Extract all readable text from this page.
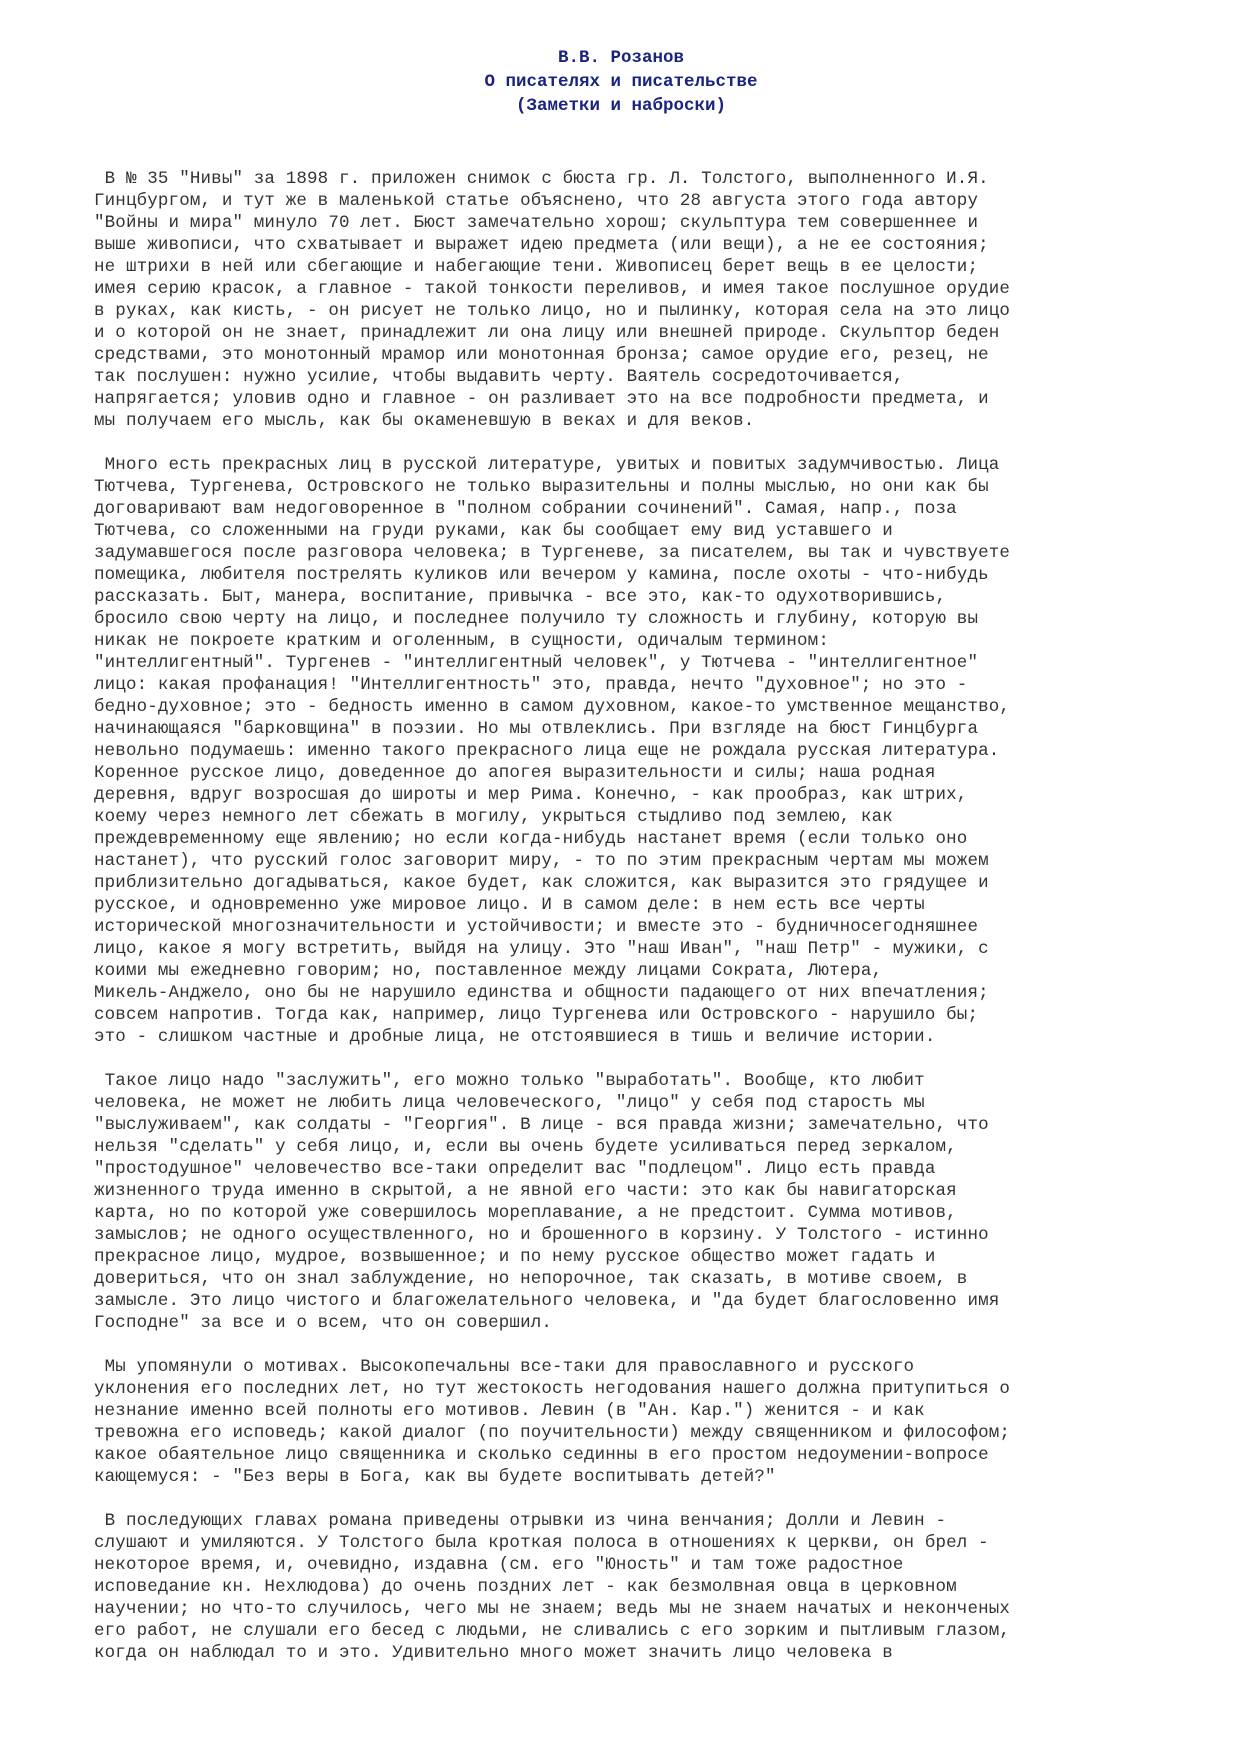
В.В. Розанов
О писателях и писательстве
(Заметки и наброски)

В № 35 "Нивы" за 1898 г. приложен снимок с бюста гр. Л. Толстого, выполненного И.Я.
Гинцбургом, и тут же в маленькой статье объяснено, что 28 августа этого года автору
"Войны и мира" минуло 70 лет. Бюст замечательно хорош; скульптура тем совершеннее и
выше живописи, что схватывает и выражет идею предмета (или вещи), а не ее состояния;
не штрихи в ней или сбегающие и набегающие тени. Живописец берет вещь в ее целости;
имея серию красок, а главное - такой тонкости переливов, и имея такое послушное орудие
в руках, как кисть, - он рисует не только лицо, но и пылинку, которая села на это лицо
и о которой он не знает, принадлежит ли она лицу или внешней природе. Скульптор беден
средствами, это монотонный мрамор или монотонная бронза; самое орудие его, резец, не
так послушен: нужно усилие, чтобы выдавить черту. Ваятель сосредоточивается,
напрягается; уловив одно и главное - он разливает это на все подробности предмета, и
мы получаем его мысль, как бы окаменевшую в веках и для веков.

Много есть прекрасных лиц в русской литературе, увитых и повитых задумчивостью. Лица
Тютчева, Тургенева, Островского не только выразительны и полны мыслью, но они как бы
договаривают вам недоговоренное в "полном собрании сочинений". Самая, напр., поза
Тютчева, со сложенными на груди руками, как бы сообщает ему вид уставшего и
задумавшегося после разговора человека; в Тургеневе, за писателем, вы так и чувствуете
помещика, любителя пострелять куликов или вечером у камина, после охоты - что-нибудь
рассказать. Быт, манера, воспитание, привычка - все это, как-то одухотворившись,
бросило свою черту на лицо, и последнее получило ту сложность и глубину, которую вы
никак не покроете кратким и оголенным, в сущности, одичалым термином:
"интеллигентный". Тургенев - "интеллигентный человек", у Тютчева - "интеллигентное"
лицо: какая профанация! "Интеллигентность" это, правда, нечто "духовное"; но это -
бедно-духовное; это - бедность именно в самом духовном, какое-то умственное мещанство,
начинающаяся "барковщина" в поэзии. Но мы отвлеклись. При взгляде на бюст Гинцбурга
невольно подумаешь: именно такого прекрасного лица еще не рождала русская литература.
Коренное русское лицо, доведенное до апогея выразительности и силы; наша родная
деревня, вдруг возросшая до широты и мер Рима. Конечно, - как прообраз, как штрих,
коему через немного лет сбежать в могилу, укрыться стыдливо под землею, как
преждевременному еще явлению; но если когда-нибудь настанет время (если только оно
настанет), что русский голос заговорит миру, - то по этим прекрасным чертам мы можем
приблизительно догадываться, какое будет, как сложится, как выразится это грядущее и
русское, и одновременно уже мировое лицо. И в самом деле: в нем есть все черты
исторической многозначительности и устойчивости; и вместе это - будничносегодняшнее
лицо, какое я могу встретить, выйдя на улицу. Это "наш Иван", "наш Петр" - мужики, с
коими мы ежедневно говорим; но, поставленное между лицами Сократа, Лютера,
Микель-Анджело, оно бы не нарушило единства и общности падающего от них впечатления;
совсем напротив. Тогда как, например, лицо Тургенева или Островского - нарушило бы;
это - слишком частные и дробные лица, не отстоявшиеся в тишь и величие истории.

Такое лицо надо "заслужить", его можно только "выработать". Вообще, кто любит
человека, не может не любить лица человеческого, "лицо" у себя под старость мы
"выслуживаем", как солдаты - "Георгия". В лице - вся правда жизни; замечательно, что
нельзя "сделать" у себя лицо, и, если вы очень будете усиливаться перед зеркалом,
"простодушное" человечество все-таки определит вас "подлецом". Лицо есть правда
жизненного труда именно в скрытой, а не явной его части: это как бы навигаторская
карта, но по которой уже совершилось мореплавание, а не предстоит. Сумма мотивов,
замыслов; не одного осуществленного, но и брошенного в корзину. У Толстого - истинно
прекрасное лицо, мудрое, возвышенное; и по нему русское общество может гадать и
довериться, что он знал заблуждение, но непорочное, так сказать, в мотиве своем, в
замысле. Это лицо чистого и благожелательного человека, и "да будет благословенно имя
Господне" за все и о всем, что он совершил.

Мы упомянули о мотивах. Высокопечальны все-таки для православного и русского
уклонения его последних лет, но тут жестокость негодования нашего должна притупиться о
незнание именно всей полноты его мотивов. Левин (в "Ан. Кар.") женится - и как
тревожна его исповедь; какой диалог (по поучительности) между священником и философом;
какое обаятельное лицо священника и сколько сединны в его простом недоумении-вопросе
кающемуся: - "Без веры в Бога, как вы будете воспитывать детей?"

В последующих главах романа приведены отрывки из чина венчания; Долли и Левин -
слушают и умиляются. У Толстого была кроткая полоса в отношениях к церкви, он брел -
некоторое время, и, очевидно, издавна (см. его "Юность" и там тоже радостное
исповедание кн. Нехлюдова) до очень поздних лет - как безмолвная овца в церковном
научении; но что-то случилось, чего мы не знаем; ведь мы не знаем начатых и неконченых
его работ, не слушали его бесед с людьми, не сливались с его зорким и пытливым глазом,
когда он наблюдал то и это. Удивительно много может значить лицо человека в
